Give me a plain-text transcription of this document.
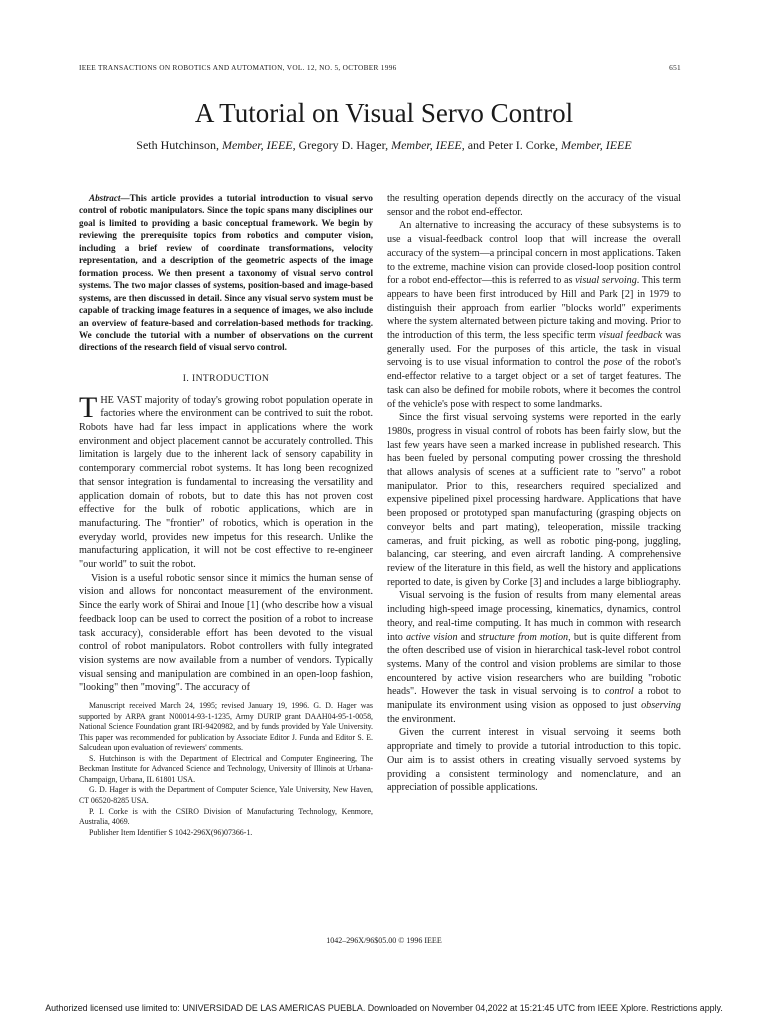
IEEE TRANSACTIONS ON ROBOTICS AND AUTOMATION, VOL. 12, NO. 5, OCTOBER 1996	651
A Tutorial on Visual Servo Control
Seth Hutchinson, Member, IEEE, Gregory D. Hager, Member, IEEE, and Peter I. Corke, Member, IEEE

Abstract—This article provides a tutorial introduction to visual servo control of robotic manipulators. Since the topic spans many disciplines our goal is limited to providing a basic conceptual framework. We begin by reviewing the prerequisite topics from robotics and computer vision, including a brief review of coordinate transformations, velocity representation, and a description of the geometric aspects of the image formation process. We then present a taxonomy of visual servo control systems. The two major classes of systems, position-based and image-based systems, are then discussed in detail. Since any visual servo system must be capable of tracking image features in a sequence of images, we also include an overview of feature-based and correlation-based methods for tracking. We conclude the tutorial with a number of observations on the current directions of the research field of visual servo control.

I. INTRODUCTION

THE VAST majority of today's growing robot population operate in factories where the environment can be contrived to suit the robot. Robots have had far less impact in applications where the work environment and object placement cannot be accurately controlled. This limitation is largely due to the inherent lack of sensory capability in contemporary commercial robot systems. It has long been recognized that sensor integration is fundamental to increasing the versatility and application domain of robots, but to date this has not proven cost effective for the bulk of robotic applications, which are in manufacturing. The "frontier" of robotics, which is operation in the everyday world, provides new impetus for this research. Unlike the manufacturing application, it will not be cost effective to re-engineer "our world" to suit the robot.

Vision is a useful robotic sensor since it mimics the human sense of vision and allows for noncontact measurement of the environment. Since the early work of Shirai and Inoue [1] (who describe how a visual feedback loop can be used to correct the position of a robot to increase task accuracy), considerable effort has been devoted to the visual control of robot manipulators. Robot controllers with fully integrated vision systems are now available from a number of vendors. Typically visual sensing and manipulation are combined in an open-loop fashion, "looking" then "moving". The accuracy of

Manuscript received March 24, 1995; revised January 19, 1996. G. D. Hager was supported by ARPA grant N00014-93-1-1235, Army DURIP grant DAAH04-95-1-0058, National Science Foundation grant IRI-9420982, and by funds provided by Yale University. This paper was recommended for publication by Associate Editor J. Funda and Editor S. E. Salcudean upon evaluation of reviewers' comments.

S. Hutchinson is with the Department of Electrical and Computer Engineering, The Beckman Institute for Advanced Science and Technology, University of Illinois at Urbana-Champaign, Urbana, IL 61801 USA.

G. D. Hager is with the Department of Computer Science, Yale University, New Haven, CT 06520-8285 USA.

P. I. Corke is with the CSIRO Division of Manufacturing Technology, Kenmore, Australia, 4069.

Publisher Item Identifier S 1042-296X(96)07366-1.

the resulting operation depends directly on the accuracy of the visual sensor and the robot end-effector.

An alternative to increasing the accuracy of these subsystems is to use a visual-feedback control loop that will increase the overall accuracy of the system—a principal concern in most applications. Taken to the extreme, machine vision can provide closed-loop position control for a robot end-effector—this is referred to as visual servoing. This term appears to have been first introduced by Hill and Park [2] in 1979 to distinguish their approach from earlier "blocks world" experiments where the system alternated between picture taking and moving. Prior to the introduction of this term, the less specific term visual feedback was generally used. For the purposes of this article, the task in visual servoing is to use visual information to control the pose of the robot's end-effector relative to a target object or a set of target features. The task can also be defined for mobile robots, where it becomes the control of the vehicle's pose with respect to some landmarks.

Since the first visual servoing systems were reported in the early 1980s, progress in visual control of robots has been fairly slow, but the last few years have seen a marked increase in published research. This has been fueled by personal computing power crossing the threshold that allows analysis of scenes at a sufficient rate to "servo" a robot manipulator. Prior to this, researchers required specialized and expensive pipelined pixel processing hardware. Applications that have been proposed or prototyped span manufacturing (grasping objects on conveyor belts and part mating), teleoperation, missile tracking cameras, and fruit picking, as well as robotic ping-pong, juggling, balancing, car steering, and even aircraft landing. A comprehensive review of the literature in this field, as well the history and applications reported to date, is given by Corke [3] and includes a large bibliography.

Visual servoing is the fusion of results from many elemental areas including high-speed image processing, kinematics, dynamics, control theory, and real-time computing. It has much in common with research into active vision and structure from motion, but is quite different from the often described use of vision in hierarchical task-level robot control systems. Many of the control and vision problems are similar to those encountered by active vision researchers who are building "robotic heads". However the task in visual servoing is to control a robot to manipulate its environment using vision as opposed to just observing the environment.

Given the current interest in visual servoing it seems both appropriate and timely to provide a tutorial introduction to this topic. Our aim is to assist others in creating visually servoed systems by providing a consistent terminology and nomenclature, and an appreciation of possible applications.

1042–296X/96$05.00 © 1996 IEEE
Authorized licensed use limited to: UNIVERSIDAD DE LAS AMERICAS PUEBLA. Downloaded on November 04,2022 at 15:21:45 UTC from IEEE Xplore. Restrictions apply.
